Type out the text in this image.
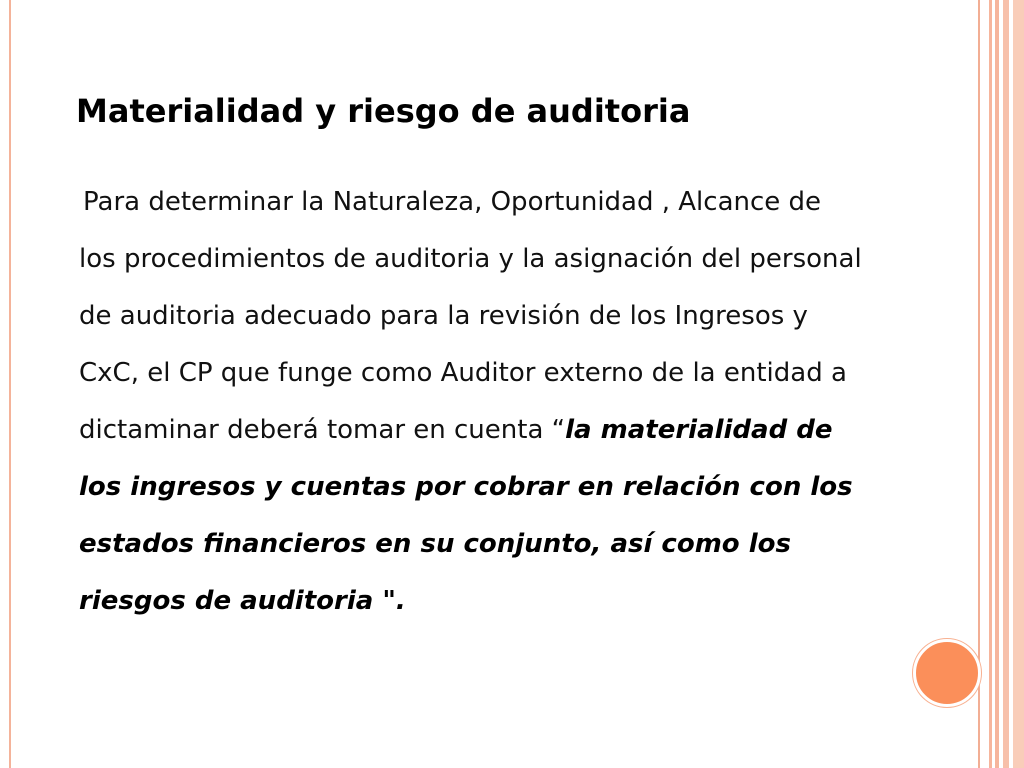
Materialidad y riesgo de auditoria
Para determinar la Naturaleza, Oportunidad , Alcance de
los procedimientos de auditoria y la asignación del personal
de auditoria adecuado para la revisión de los Ingresos y
CxC, el CP que funge como Auditor externo de la entidad a
dictaminar deberá tomar en cuenta “la materialidad de
los ingresos y cuentas por cobrar en relación con los
estados financieros en su conjunto, así como los
riesgos de auditoria ".
